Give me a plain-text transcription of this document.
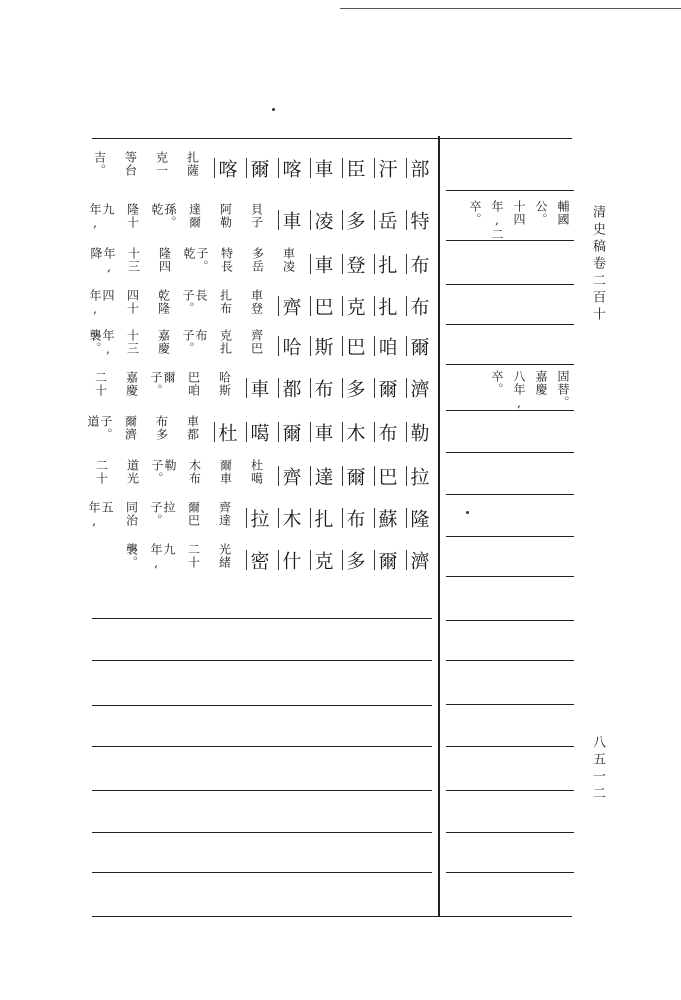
部
汗
臣
車
喀
爾
喀
扎薩
克一
等台
吉。
特
岳
多
凌
車
貝子
阿勒
達爾
孫。乾
隆十
九年,
布
扎
登
車
車凌
多岳
特長
子。乾
隆四
十三
年,降
布
扎
克
巴
齊
車登
扎布
長子。
乾隆
四十
四年,
爾
咱
巴
斯
哈
齊巴
克扎
布子。
嘉慶
十三
年,襲。
濟
爾
多
布
都
車
哈斯
巴咱
爾子。
嘉慶
二十
勒
布
木
車
爾
噶
杜
車都
布多
爾濟
子。道
拉
巴
爾
達
齊
杜噶
爾車
木布
勒子。
道光
二十
隆
蘇
布
扎
木
拉
齊達
爾巴
拉子。
同治
五年,
濟
爾
多
克
什
密
光緒
二十
九年,
襲。
輔國
公。
十四
年,二
卒。
固替。
嘉慶
八年,
卒。
清史稿卷二百十
八五一二
